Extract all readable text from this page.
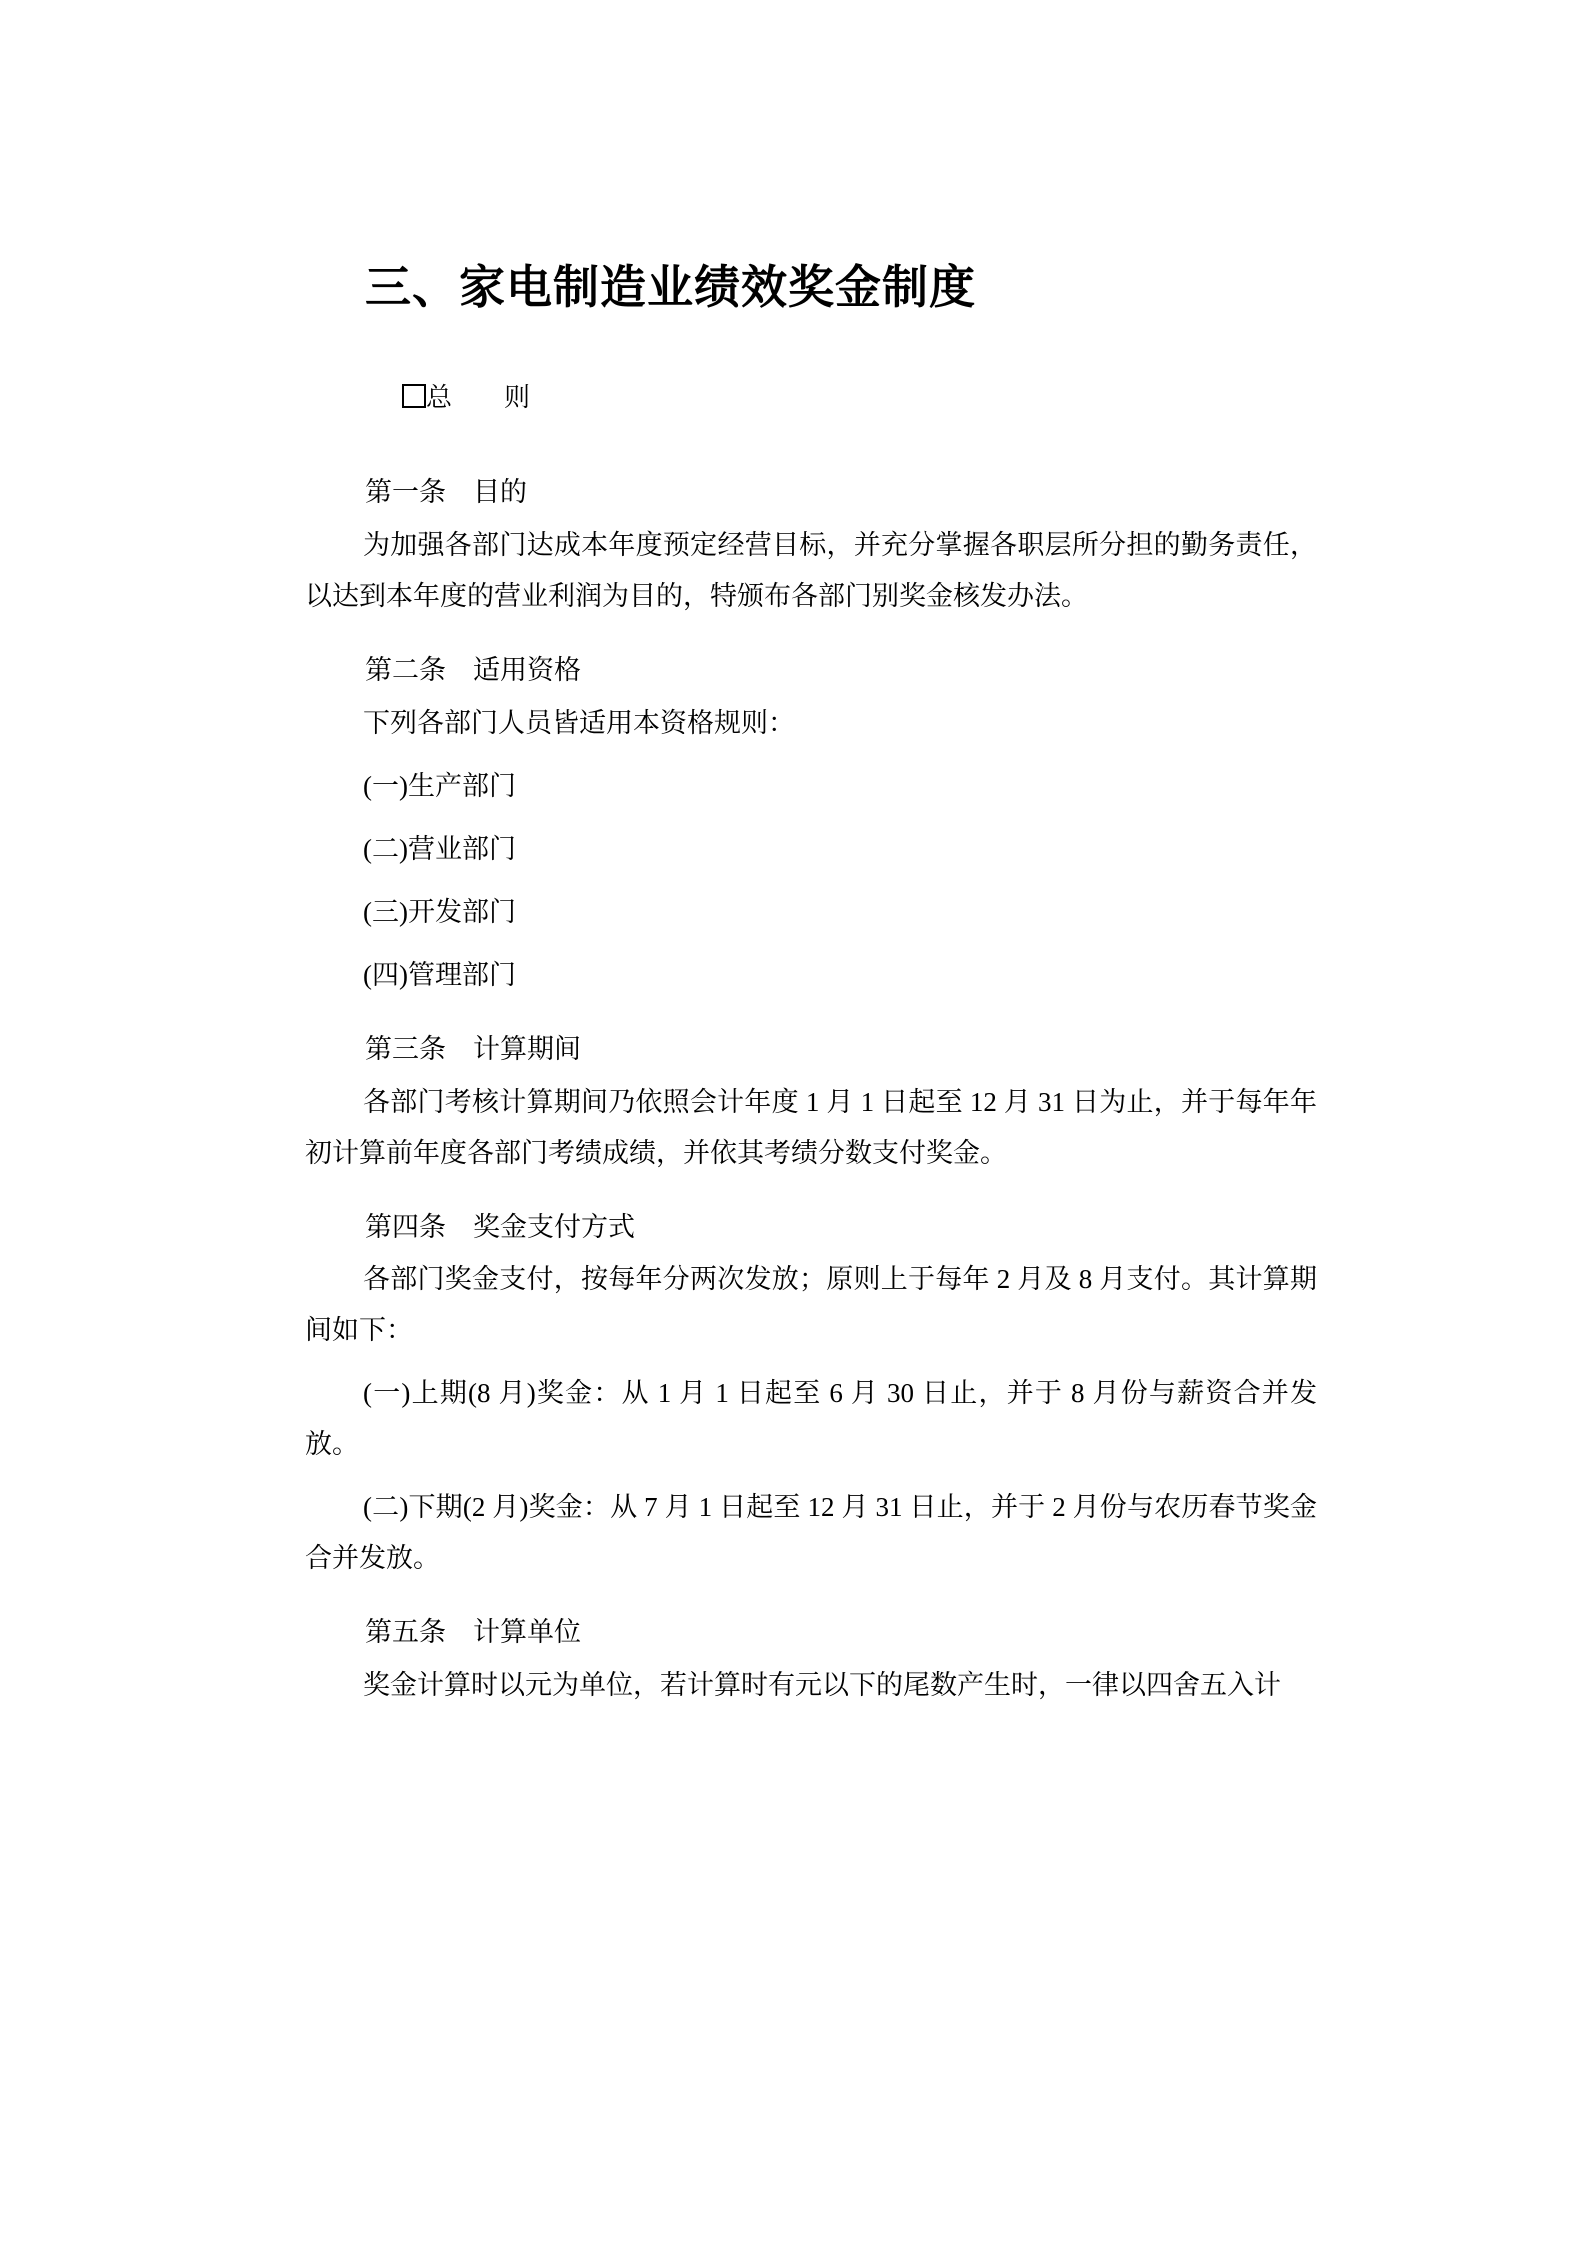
三、家电制造业绩效奖金制度

总        则

第一条　目的

为加强各部门达成本年度预定经营目标，并充分掌握各职层所分担的勤务责任，以达到本年度的营业利润为目的，特颁布各部门别奖金核发办法。

第二条　适用资格

下列各部门人员皆适用本资格规则：

(一)生产部门
(二)营业部门
(三)开发部门
(四)管理部门
第三条　计算期间

各部门考核计算期间乃依照会计年度 1 月 1 日起至 12 月 31 日为止，并于每年年初计算前年度各部门考绩成绩，并依其考绩分数支付奖金。

第四条　奖金支付方式

各部门奖金支付，按每年分两次发放；原则上于每年 2 月及 8 月支付。其计算期间如下：

(一)上期(8 月)奖金：从 1 月 1 日起至 6 月 30 日止，并于 8 月份与薪资合并发放。

(二)下期(2 月)奖金：从 7 月 1 日起至 12 月 31 日止，并于 2 月份与农历春节奖金合并发放。

第五条　计算单位

奖金计算时以元为单位，若计算时有元以下的尾数产生时，一律以四舍五入计
